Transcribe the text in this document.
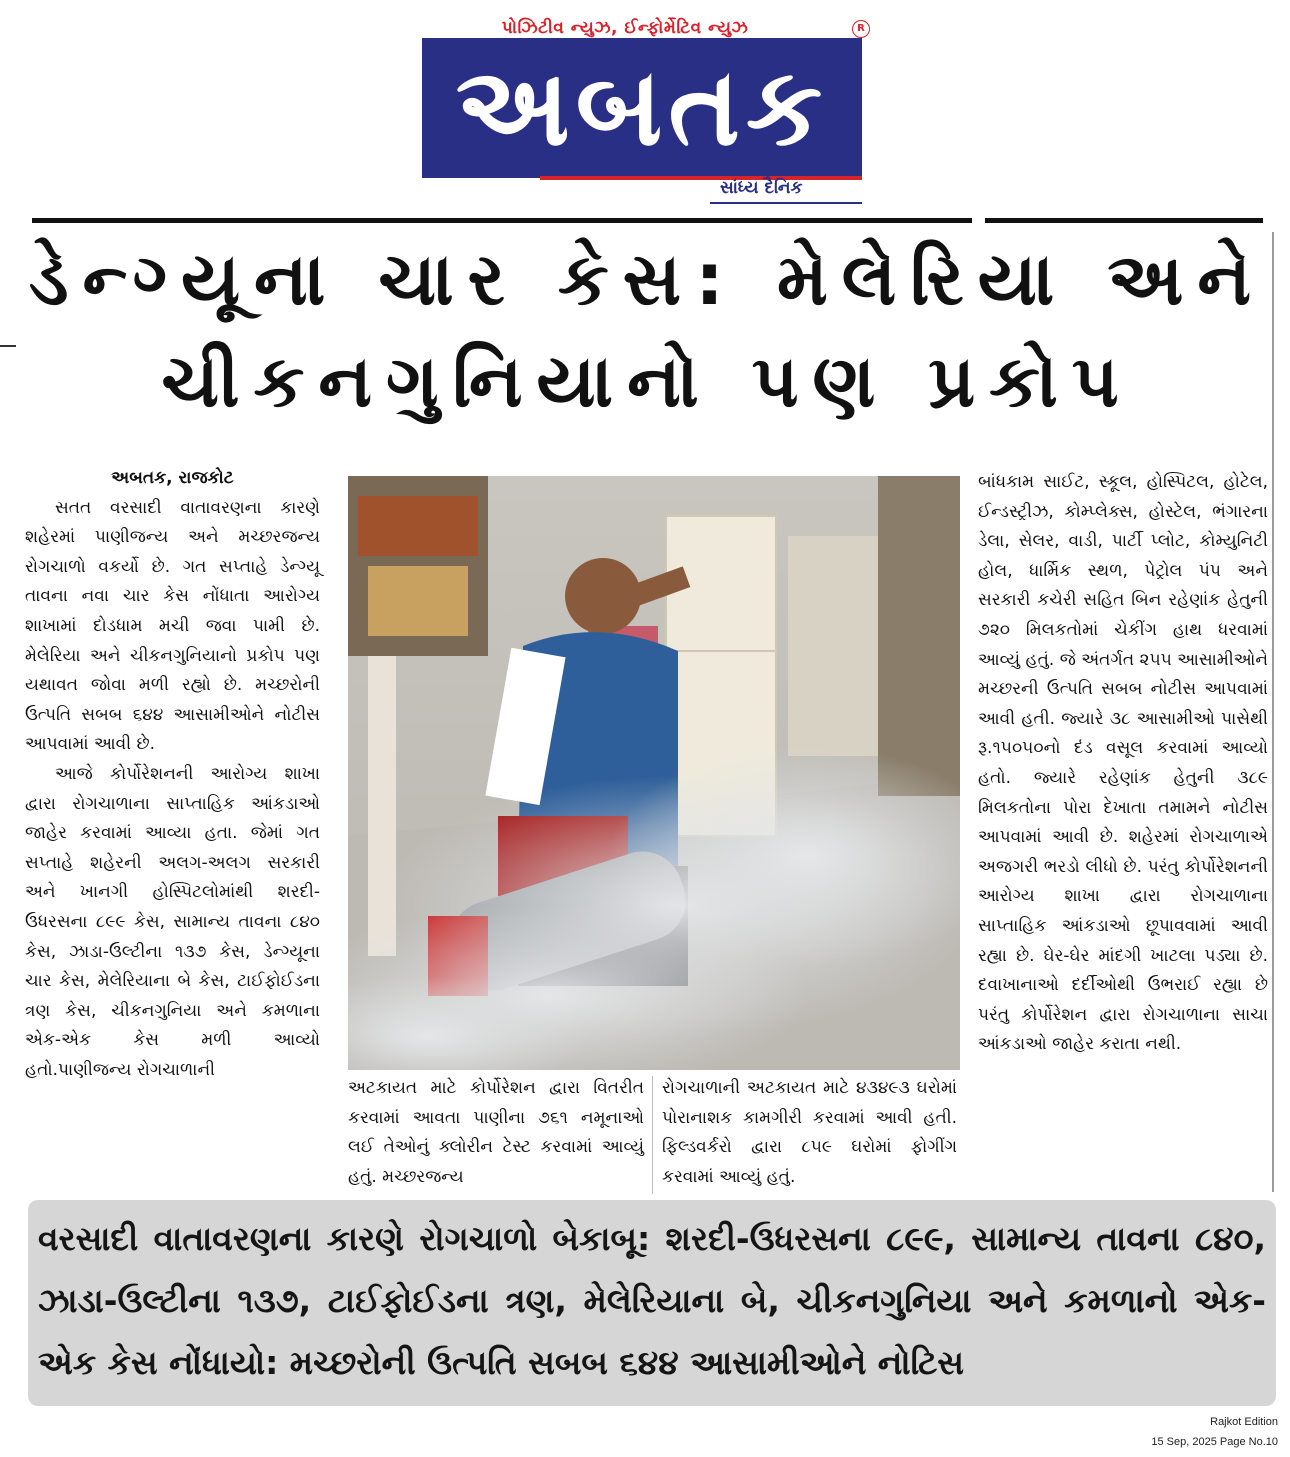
પોઝિટીવ ન્યુઝ, ઈન્ફોર્મેટિવ ન્યુઝ	R
અબતક
સાંધ્ય દૈનિક
ડેન્ગ્યૂના ચાર કેસ: મેલેરિયા અને ચીકનગુનિયાનો પણ પ્રકોપ

અબતક, રાજકોટ

સતત વરસાદી વાતાવરણના કારણે શહેરમાં પાણીજન્ય અને મચ્છરજન્ય રોગચાળો વકર્યો છે. ગત સપ્તાહે ડેન્ગ્યૂ તાવના નવા ચાર કેસ નોંધાતા આરોગ્ય શાખામાં દોડધામ મચી જવા પામી છે. મેલેરિયા અને ચીકનગુનિયાનો પ્રકોપ પણ યથાવત જોવા મળી રહ્યો છે. મચ્છરોની ઉત્પતિ સબબ ૬૪૪ આસામીઓને નોટીસ આપવામાં આવી છે.

આજે કોર્પોરેશનની આરોગ્ય શાખા દ્વારા રોગચાળાના સાપ્તાહિક આંકડાઓ જાહેર કરવામાં આવ્યા હતા. જેમાં ગત સપ્તાહે શહેરની અલગ-અલગ સરકારી અને ખાનગી હોસ્પિટલોમાંથી શરદી-ઉધરસના ૮૯૯ કેસ, સામાન્ય તાવના ૮૪૦ કેસ, ઝાડા-ઉલ્ટીના ૧૩૭ કેસ, ડેન્ગ્યૂના ચાર કેસ, મેલેરિયાના બે કેસ, ટાઈફોઈડના ત્રણ કેસ, ચીકનગુનિયા અને કમળાના એક-એક કેસ મળી આવ્યો હતો.પાણીજન્ય રોગચાળાની

અટકાયત માટે કોર્પોરેશન દ્વારા વિતરીત કરવામાં આવતા પાણીના ૭૬૧ નમૂનાઓ લઈ તેઓનું ક્લોરીન ટેસ્ટ કરવામાં આવ્યું હતું. મચ્છરજન્ય

રોગચાળાની અટકાયત માટે ૪૩૪૯૩ ઘરોમાં પોરાનાશક કામગીરી કરવામાં આવી હતી. ફિલ્ડવર્કરો દ્વારા ૮૫૯ ઘરોમાં ફોગીંગ કરવામાં આવ્યું હતું.

બાંધકામ સાઈટ, સ્કૂલ, હોસ્પિટલ, હોટેલ, ઈન્ડસ્ટ્રીઝ, કોમ્પ્લેક્સ, હોસ્ટેલ, ભંગારના ડેલા, સેલર, વાડી, પાર્ટી પ્લોટ, કોમ્યુનિટી હોલ, ધાર્મિક સ્થળ, પેટ્રોલ પંપ અને સરકારી કચેરી સહિત બિન રહેણાંક હેતુની ૭૨૦ મિલકતોમાં ચેકીંગ હાથ ધરવામાં આવ્યું હતું. જે અંતર્ગત ૨૫૫ આસામીઓને મચ્છરની ઉત્પતિ સબબ નોટીસ આપવામાં આવી હતી. જ્યારે ૩૮ આસામીઓ પાસેથી રૂ.૧૫૦૫૦નો દંડ વસૂલ કરવામાં આવ્યો હતો. જ્યારે રહેણાંક હેતુની ૩૮૯ મિલકતોના પોરા દેખાતા તમામને નોટીસ આપવામાં આવી છે. શહેરમાં રોગચાળાએ અજગરી ભરડો લીધો છે. પરંતુ કોર્પોરેશનની આરોગ્ય શાખા દ્વારા રોગચાળાના સાપ્તાહિક આંકડાઓ છૂપાવવામાં આવી રહ્યા છે. ઘેર-ઘેર માંદગી ખાટલા પડ્યા છે. દવાખાનાઓ દર્દીઓથી ઉભરાઈ રહ્યા છે પરંતુ કોર્પોરેશન દ્વારા રોગચાળાના સાચા આંકડાઓ જાહેર કરાતા નથી.

વરસાદી વાતાવરણના કારણે રોગચાળો બેકાબૂ: શરદી-ઉધરસના ૮૯૯, સામાન્ય તાવના ૮૪૦, ઝાડા-ઉલ્ટીના ૧૩૭, ટાઈફોઈડના ત્રણ, મેલેરિયાના બે, ચીકનગુનિયા અને કમળાનો એક-એક કેસ નોંધાયો: મચ્છરોની ઉત્પતિ સબબ ૬૪૪ આસામીઓને નોટિસ
Rajkot Edition
15 Sep, 2025 Page No.10
